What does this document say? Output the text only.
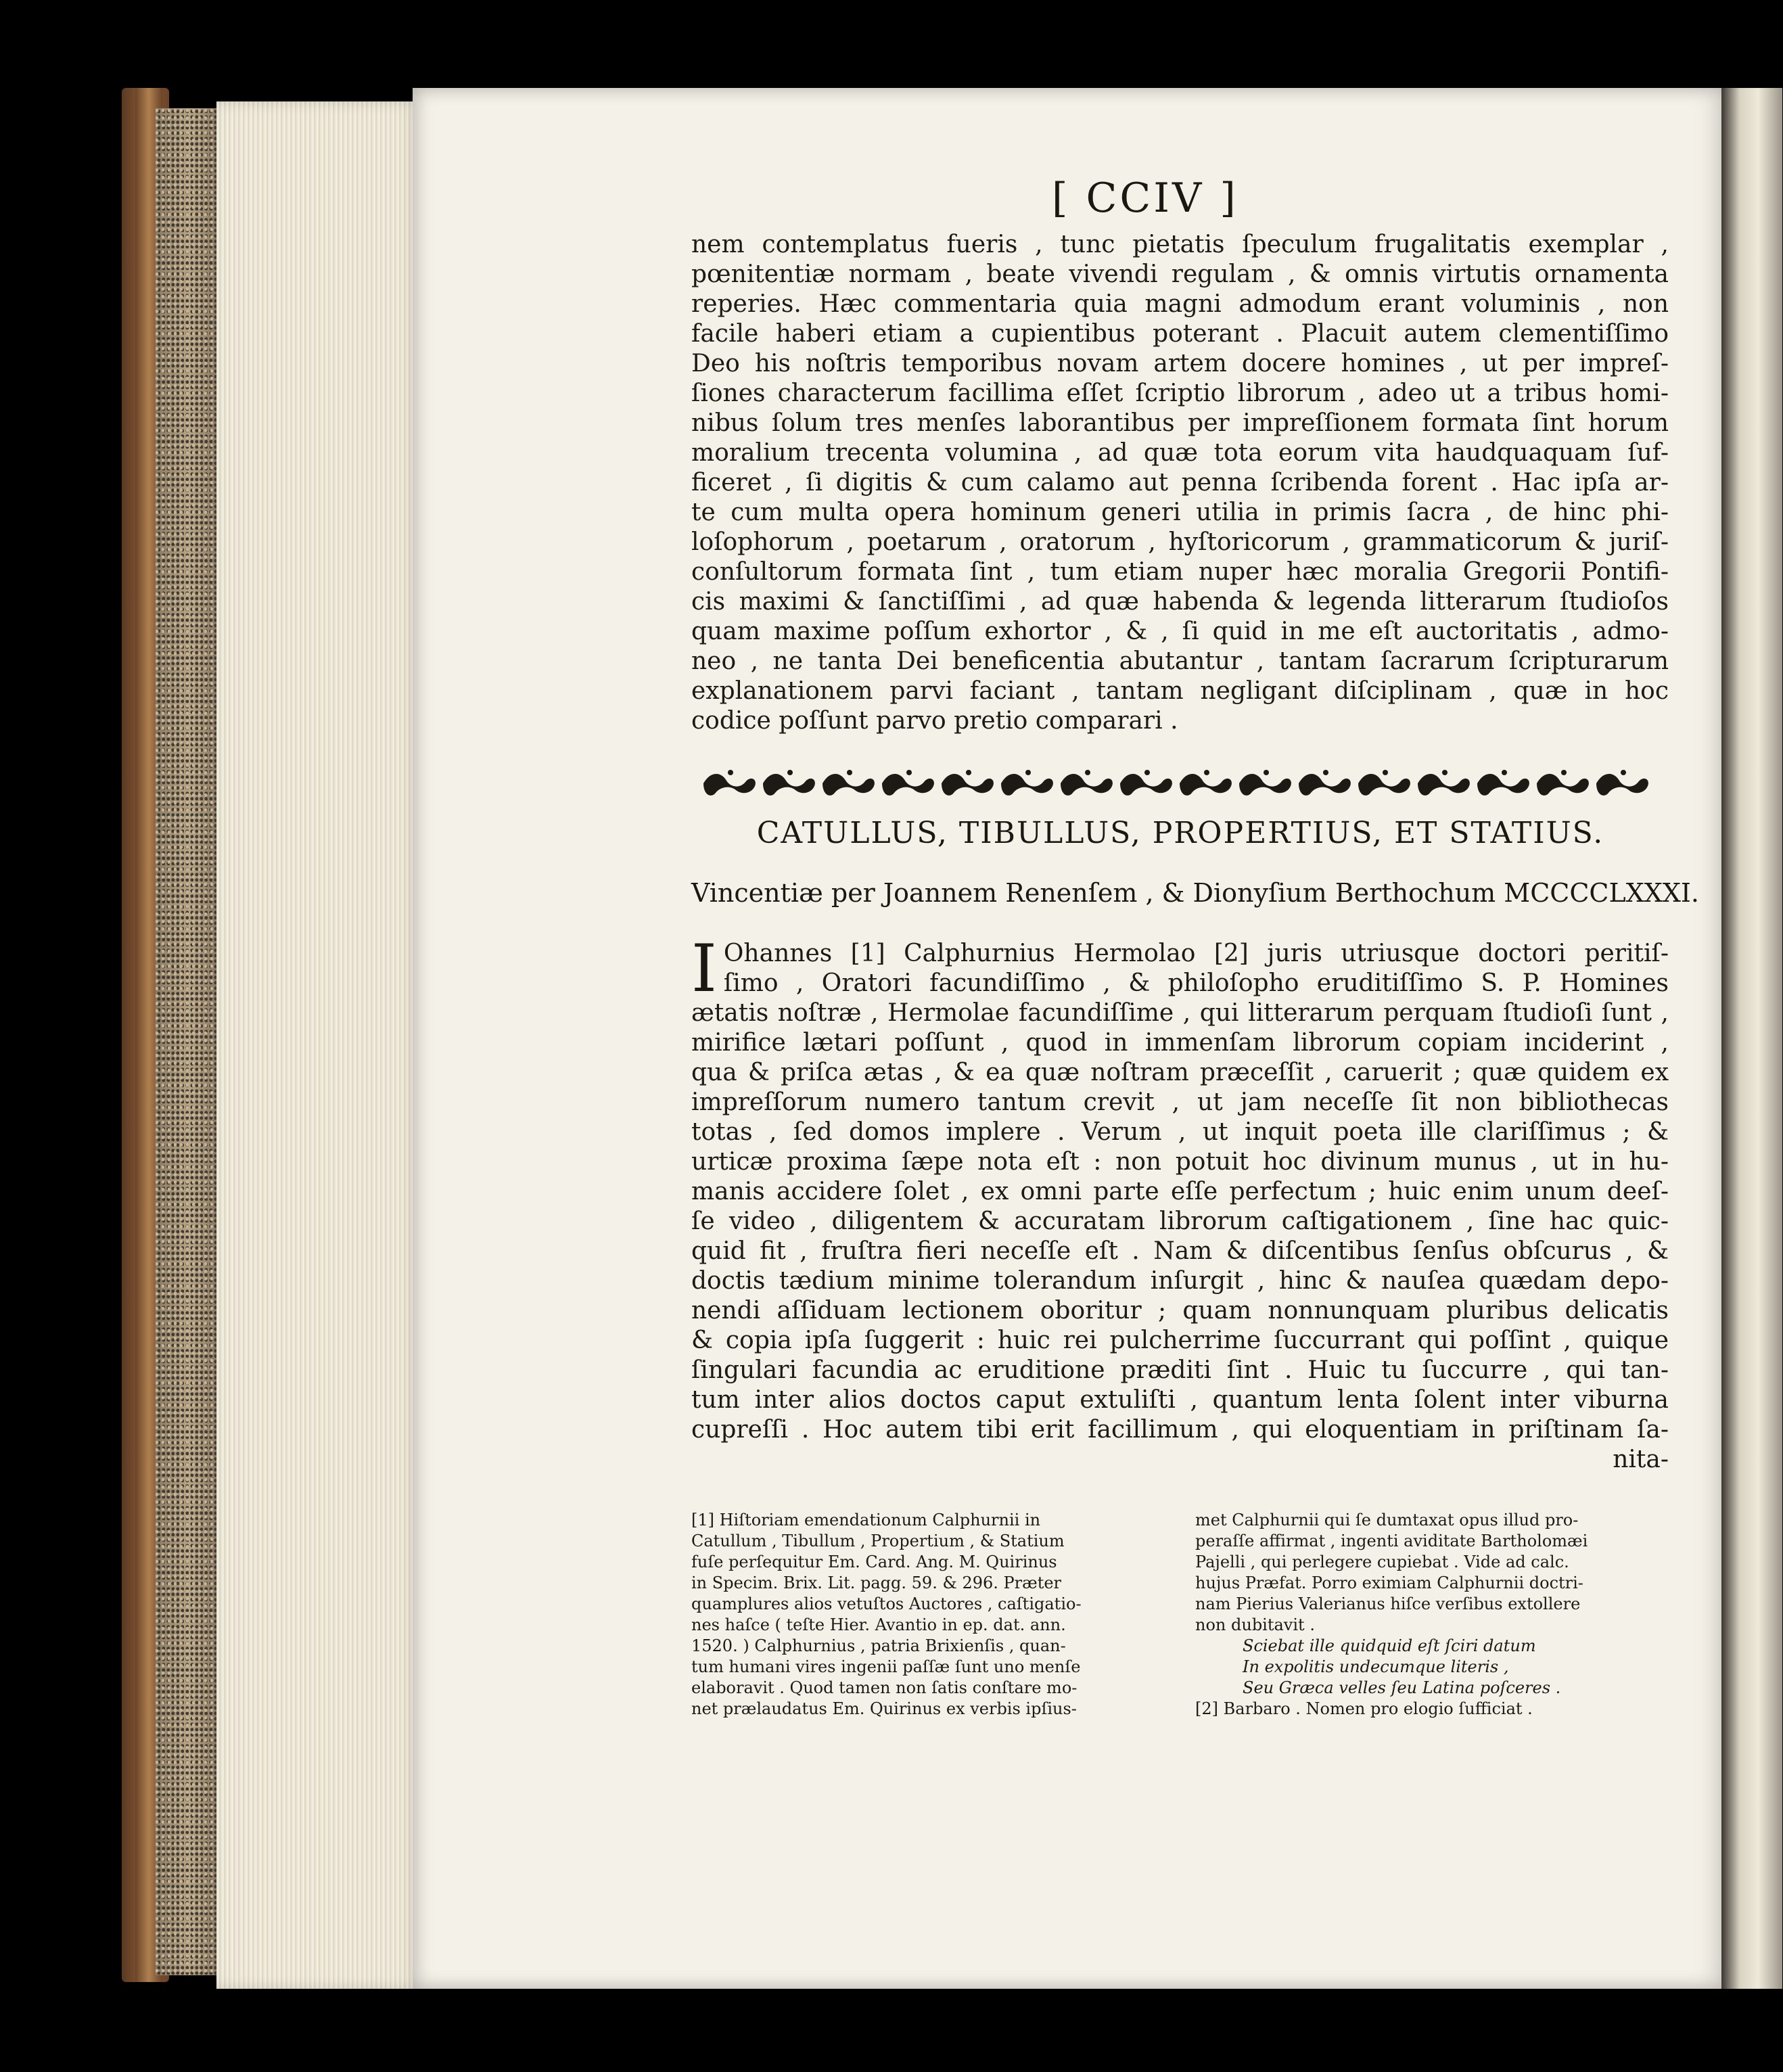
[ CCIV ]

nem contemplatus fueris , tunc pietatis ſpeculum frugalitatis exemplar ,

pœnitentiæ normam , beate vivendi regulam , & omnis virtutis ornamenta

reperies. Hæc commentaria quia magni admodum erant voluminis , non

facile haberi etiam a cupientibus poterant . Placuit autem clementiſſimo

Deo his noſtris temporibus novam artem docere homines , ut per impreſ-

ſiones characterum facillima eſſet ſcriptio librorum , adeo ut a tribus homi-

nibus ſolum tres menſes laborantibus per impreſſionem formata ſint horum

moralium trecenta volumina , ad quæ tota eorum vita haudquaquam ſuf-

ficeret , ſi digitis & cum calamo aut penna ſcribenda forent . Hac ipſa ar-

te cum multa opera hominum generi utilia in primis ſacra , de hinc phi-

loſophorum , poetarum , oratorum , hyſtoricorum , grammaticorum & juriſ-

conſultorum formata ſint , tum etiam nuper hæc moralia Gregorii Pontifi-

cis maximi & ſanctiſſimi , ad quæ habenda & legenda litterarum ſtudioſos

quam maxime poſſum exhortor , & , ſi quid in me eſt auctoritatis , admo-

neo , ne tanta Dei beneficentia abutantur , tantam ſacrarum ſcripturarum

explanationem parvi faciant , tantam negligant diſciplinam , quæ in hoc

codice poſſunt parvo pretio comparari .

CATULLUS, TIBULLUS, PROPERTIUS, ET STATIUS.
Vincentiæ per Joannem Renenſem , & Dionyſium Berthochum MCCCCLXXXI.
I Ohannes [1] Calphurnius Hermolao [2] juris utriusque doctori peritiſ-

ſimo , Oratori facundiſſimo , & philoſopho eruditiſſimo S. P. Homines

ætatis noſtræ , Hermolae facundiſſime , qui litterarum perquam ſtudioſi ſunt ,

mirifice lætari poſſunt , quod in immenſam librorum copiam inciderint ,

qua & priſca ætas , & ea quæ noſtram præceſſit , caruerit ; quæ quidem ex

impreſſorum numero tantum crevit , ut jam neceſſe ſit non bibliothecas

totas , ſed domos implere . Verum , ut inquit poeta ille clariſſimus ; &

urticæ proxima ſæpe nota eſt : non potuit hoc divinum munus , ut in hu-

manis accidere ſolet , ex omni parte eſſe perfectum ; huic enim unum deeſ-

ſe video , diligentem & accuratam librorum caſtigationem , ſine hac quic-

quid fit , fruſtra fieri neceſſe eſt . Nam & diſcentibus ſenſus obſcurus , &

doctis tædium minime tolerandum inſurgit , hinc & nauſea quædam depo-

nendi aſſiduam lectionem oboritur ; quam nonnunquam pluribus delicatis

& copia ipſa ſuggerit : huic rei pulcherrime ſuccurrant qui poſſint , quique

ſingulari facundia ac eruditione præditi ſint . Huic tu ſuccurre , qui tan-

tum inter alios doctos caput extuliſti , quantum lenta ſolent inter viburna

cupreſſi . Hoc autem tibi erit facillimum , qui eloquentiam in priſtinam ſa-

nita-

[1] Hiſtoriam emendationum Calphurnii in

Catullum , Tibullum , Propertium , & Statium

fuſe perſequitur Em. Card. Ang. M. Quirinus

in Specim. Brix. Lit. pagg. 59. & 296. Præter

quamplures alios vetuſtos Auctores , caſtigatio-

nes haſce ( teſte Hier. Avantio in ep. dat. ann.

1520. ) Calphurnius , patria Brixienſis , quan-

tum humani vires ingenii paſſæ ſunt uno menſe

elaboravit . Quod tamen non ſatis conſtare mo-

net prælaudatus Em. Quirinus ex verbis ipſius-

met Calphurnii qui ſe dumtaxat opus illud pro-

peraſſe affirmat , ingenti aviditate Bartholomæi

Pajelli , qui perlegere cupiebat . Vide ad calc.

hujus Præfat. Porro eximiam Calphurnii doctri-

nam Pierius Valerianus hiſce verſibus extollere

non dubitavit .

Sciebat ille quidquid eſt ſciri datum

In expolitis undecumque literis ,

Seu Græca velles ſeu Latina poſceres .

[2] Barbaro . Nomen pro elogio ſufficiat .
